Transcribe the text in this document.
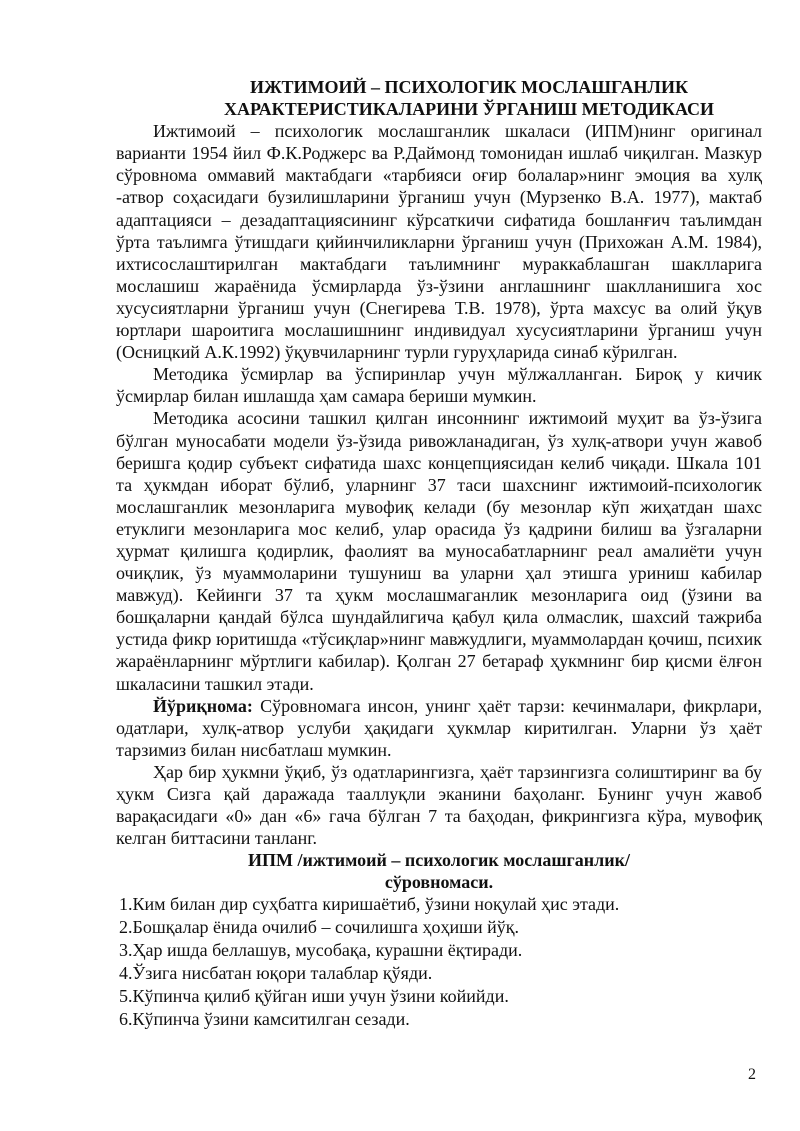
ИЖТИМОИЙ – ПСИХОЛОГИК МОСЛАШГАНЛИК
ХАРАКТЕРИСТИКАЛАРИНИ ЎРГАНИШ МЕТОДИКАСИ

Ижтимоий – психологик мослашганлик шкаласи (ИПМ)нинг оригинал варианти 1954 йил Ф.К.Роджерс ва Р.Даймонд томонидан ишлаб чиқилган. Мазкур сўровнома оммавий мактабдаги «тарбияси оғир болалар»нинг эмоция ва хулқ -атвор соҳасидаги бузилишларини ўрганиш учун (Мурзенко В.А. 1977), мактаб адаптацияси – дезадаптациясининг кўрсаткичи сифатида бошланғич таълимдан ўрта таълимга ўтишдаги қийинчиликларни ўрганиш учун (Прихожан А.М. 1984), ихтисослаштирилган мактабдаги таълимнинг мураккаблашган шаклларига мослашиш жараёнида ўсмирларда ўз-ўзини англашнинг шаклланишига хос хусусиятларни ўрганиш учун (Снегирева Т.В. 1978), ўрта махсус ва олий ўқув юртлари шароитига мослашишнинг индивидуал хусусиятларини ўрганиш учун (Осницкий А.К.1992) ўқувчиларнинг турли гуруҳларида синаб кўрилган.

Методика ўсмирлар ва ўспиринлар учун мўлжалланган. Бироқ у кичик ўсмирлар билан ишлашда ҳам самара бериши мумкин.

Методика асосини ташкил қилган инсоннинг ижтимоий муҳит ва ўз-ўзига бўлган муносабати модели ўз-ўзида ривожланадиган, ўз хулқ-атвори учун жавоб беришга қодир субъект сифатида шахс концепциясидан келиб чиқади. Шкала 101 та ҳукмдан иборат бўлиб, уларнинг 37 таси шахснинг ижтимоий-психологик мослашганлик мезонларига мувофиқ келади (бу мезонлар кўп жиҳатдан шахс етуклиги мезонларига мос келиб, улар орасида ўз қадрини билиш ва ўзгаларни ҳурмат қилишга қодирлик, фаолият ва муносабатларнинг реал амалиёти учун очиқлик, ўз муаммоларини тушуниш ва уларни ҳал этишга уриниш кабилар мавжуд). Кейинги 37 та ҳукм мослашмаганлик мезонларига оид (ўзини ва бошқаларни қандай бўлса шундайлигича қабул қила олмаслик, шахсий тажриба устида фикр юритишда «тўсиқлар»нинг мавжудлиги, муаммолардан қочиш, психик жараёнларнинг мўртлиги кабилар). Қолган 27 бетараф ҳукмнинг бир қисми ёлғон шкаласини ташкил этади.

Йўриқнома: Сўровномага инсон, унинг ҳаёт тарзи: кечинмалари, фикрлари, одатлари, хулқ-атвор услуби ҳақидаги ҳукмлар киритилган. Уларни ўз ҳаёт тарзимиз билан нисбатлаш мумкин.

Ҳар бир ҳукмни ўқиб, ўз одатларингизга, ҳаёт тарзингизга солиштиринг ва бу ҳукм Сизга қай даражада тааллуқли эканини баҳоланг. Бунинг учун жавоб варақасидаги «0» дан «6» гача бўлган 7 та баҳодан, фикрингизга кўра, мувофиқ келган биттасини танланг.

ИПМ /ижтимоий – психологик мослашганлик/
сўровномаси.
1.Ким билан дир суҳбатга киришаётиб, ўзини ноқулай ҳис этади.
2.Бошқалар ёнида очилиб – сочилишга ҳоҳиши йўқ.
3.Ҳар ишда беллашув, мусобақа, курашни ёқтиради.
4.Ўзига нисбатан юқори талаблар қўяди.
5.Кўпинча қилиб қўйган иши учун ўзини койийди.
6.Кўпинча ўзини камситилган сезади.
2
